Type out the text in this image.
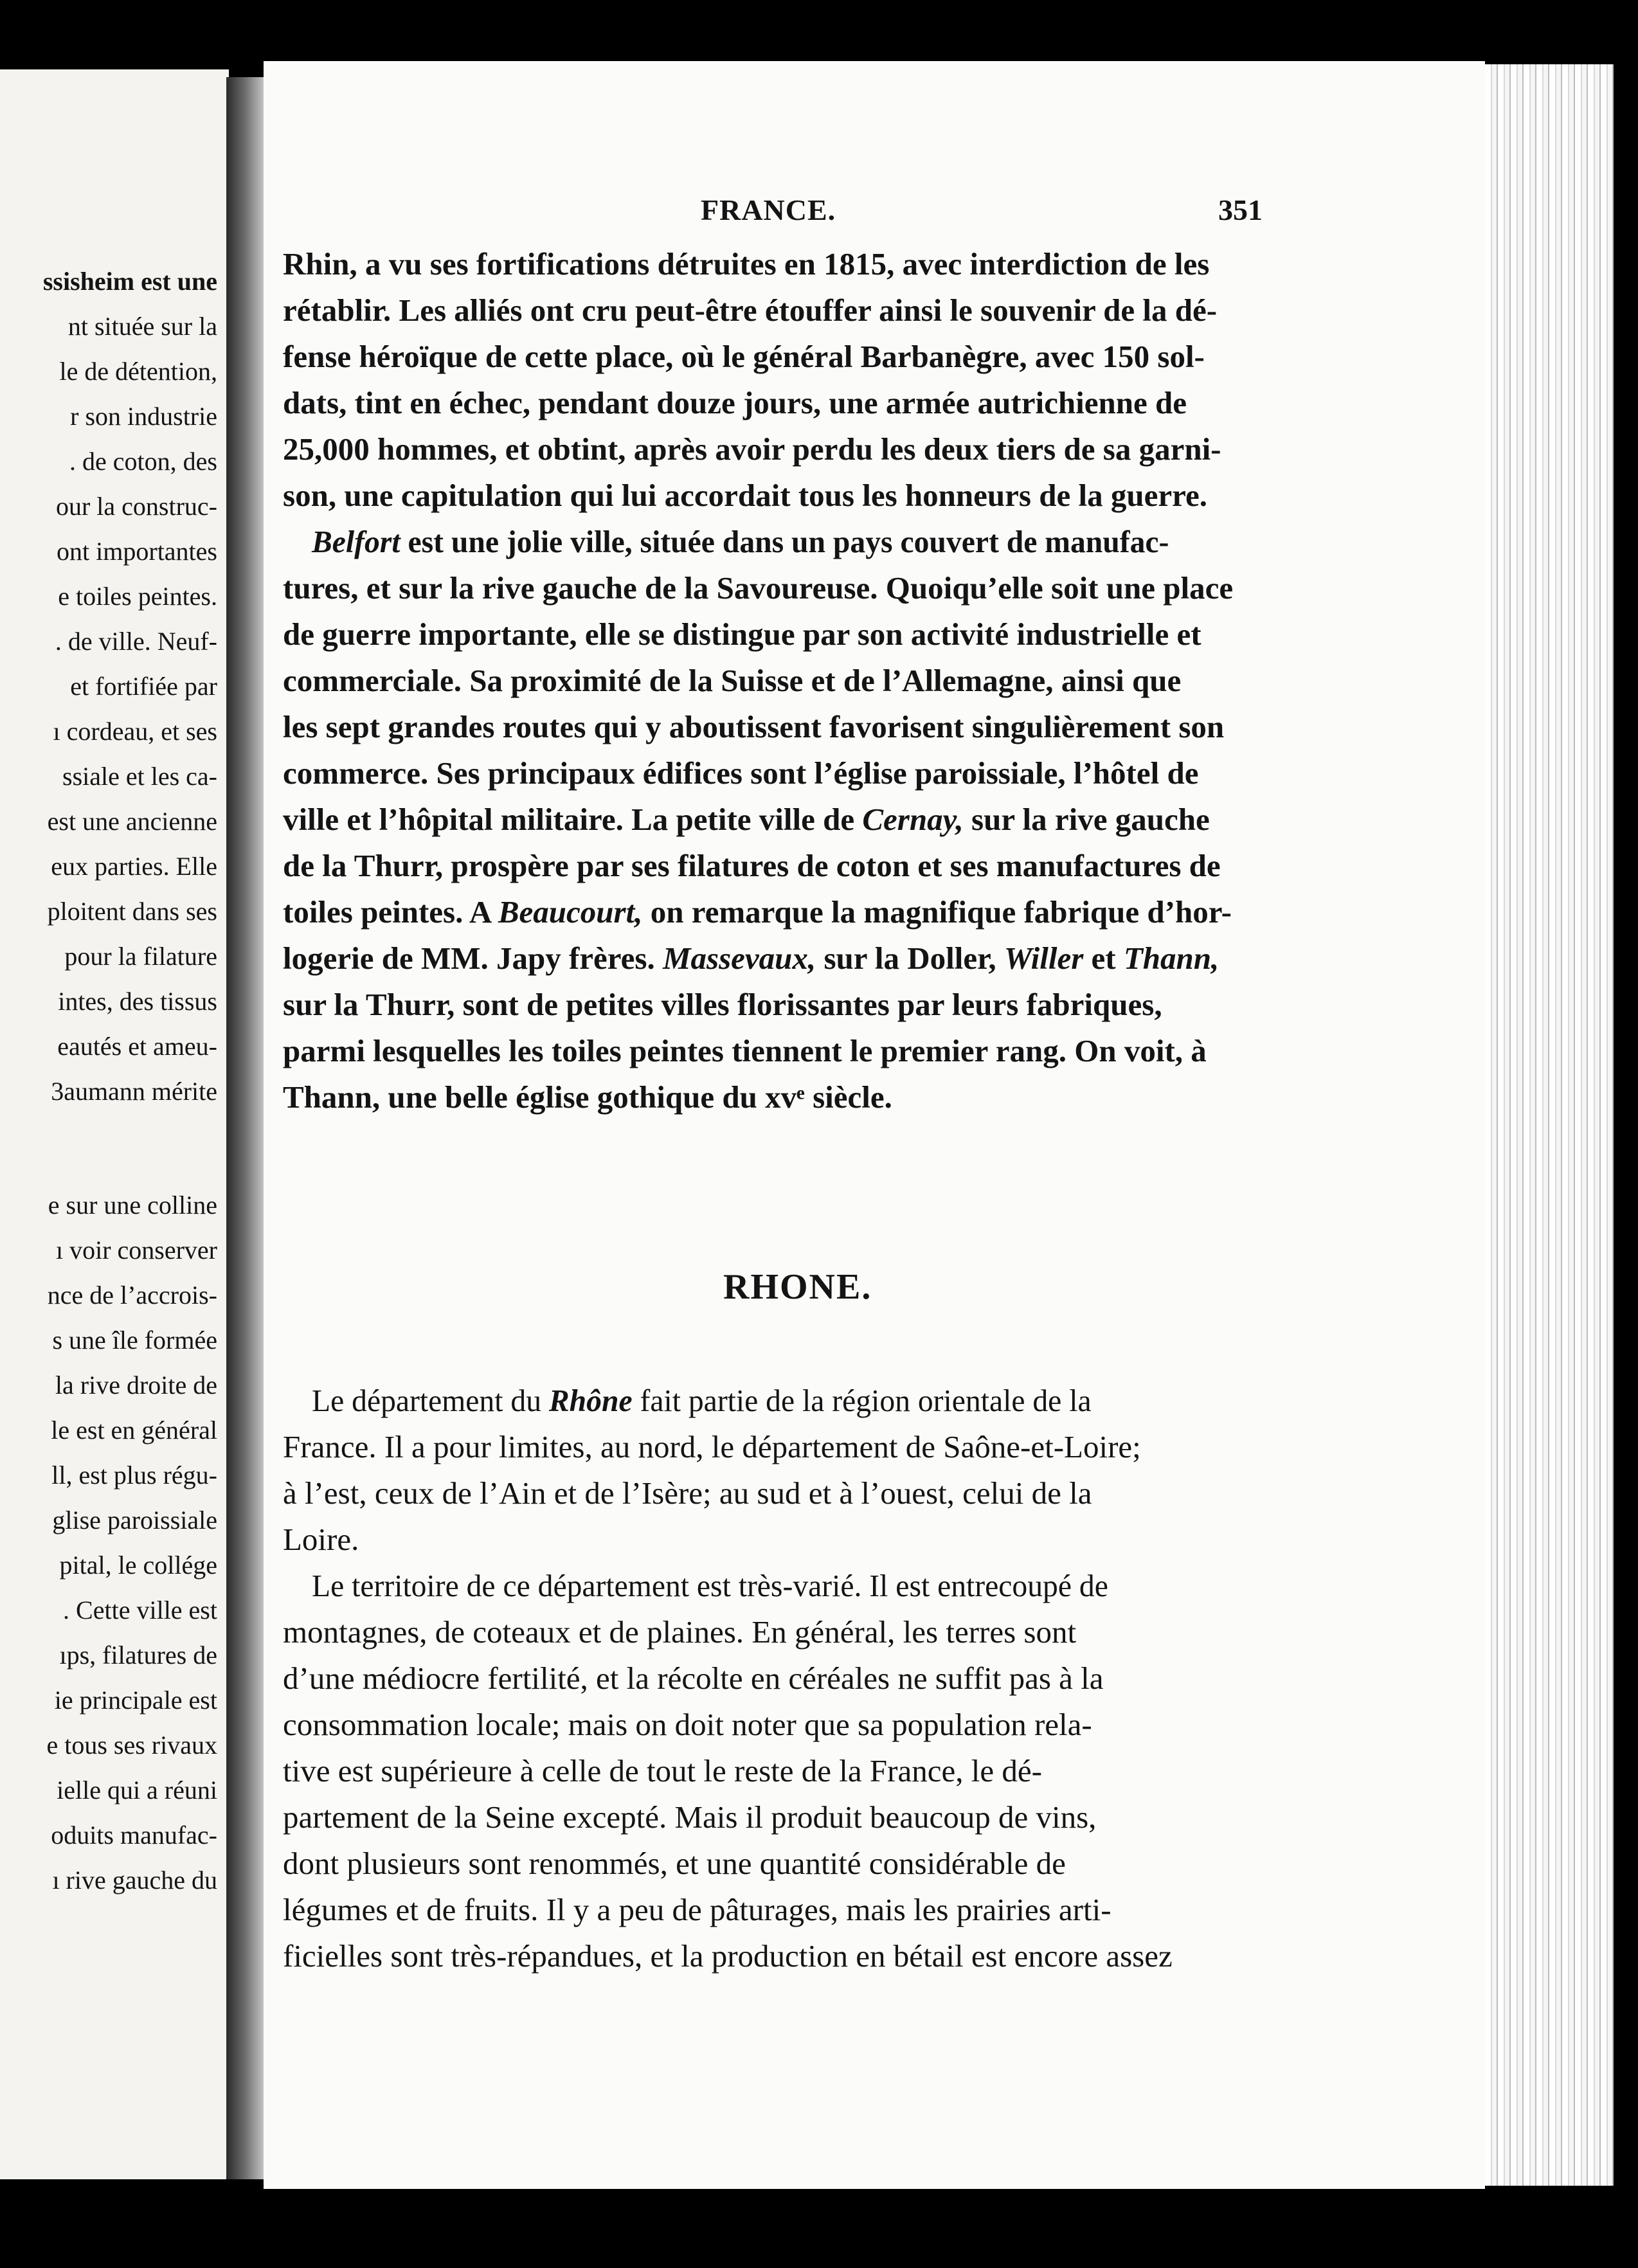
ssisheim est une
nt située sur la
le de détention,
r son industrie
. de coton, des
our la construc-
ont importantes
e toiles peintes.
. de ville. Neuf-
et fortifiée par
ı cordeau, et ses
ssiale et les ca-
est une ancienne
eux parties. Elle
ploitent dans ses
pour la filature
intes, des tissus
eautés et ameu-
3aumann mérite
e sur une colline
ı voir conserver
nce de l’accrois-
s une île formée
la rive droite de
le est en général
ll, est plus régu-
glise paroissiale
pital, le collége
. Cette ville est
ıps, filatures de
ie principale est
e tous ses rivaux
ielle qui a réuni
oduits manufac-
ı rive gauche du
FRANCE.	351
Rhin, a vu ses fortifications détruites en 1815, avec interdiction de les
rétablir. Les alliés ont cru peut-être étouffer ainsi le souvenir de la dé-
fense héroïque de cette place, où le général Barbanègre, avec 150 sol-
dats, tint en échec, pendant douze jours, une armée autrichienne de
25,000 hommes, et obtint, après avoir perdu les deux tiers de sa garni-
son, une capitulation qui lui accordait tous les honneurs de la guerre.
Belfort est une jolie ville, située dans un pays couvert de manufac-
tures, et sur la rive gauche de la Savoureuse. Quoiqu’elle soit une place
de guerre importante, elle se distingue par son activité industrielle et
commerciale. Sa proximité de la Suisse et de l’Allemagne, ainsi que
les sept grandes routes qui y aboutissent favorisent singulièrement son
commerce. Ses principaux édifices sont l’église paroissiale, l’hôtel de
ville et l’hôpital militaire. La petite ville de Cernay, sur la rive gauche
de la Thurr, prospère par ses filatures de coton et ses manufactures de
toiles peintes. A Beaucourt, on remarque la magnifique fabrique d’hor-
logerie de MM. Japy frères. Massevaux, sur la Doller, Willer et Thann,
sur la Thurr, sont de petites villes florissantes par leurs fabriques,
parmi lesquelles les toiles peintes tiennent le premier rang. On voit, à
Thann, une belle église gothique du xvᵉ siècle.
RHONE.
Le département du Rhône fait partie de la région orientale de la
France. Il a pour limites, au nord, le département de Saône-et-Loire;
à l’est, ceux de l’Ain et de l’Isère; au sud et à l’ouest, celui de la
Loire.
Le territoire de ce département est très-varié. Il est entrecoupé de
montagnes, de coteaux et de plaines. En général, les terres sont
d’une médiocre fertilité, et la récolte en céréales ne suffit pas à la
consommation locale; mais on doit noter que sa population rela-
tive est supérieure à celle de tout le reste de la France, le dé-
partement de la Seine excepté. Mais il produit beaucoup de vins,
dont plusieurs sont renommés, et une quantité considérable de
légumes et de fruits. Il y a peu de pâturages, mais les prairies arti-
ficielles sont très-répandues, et la production en bétail est encore assez
